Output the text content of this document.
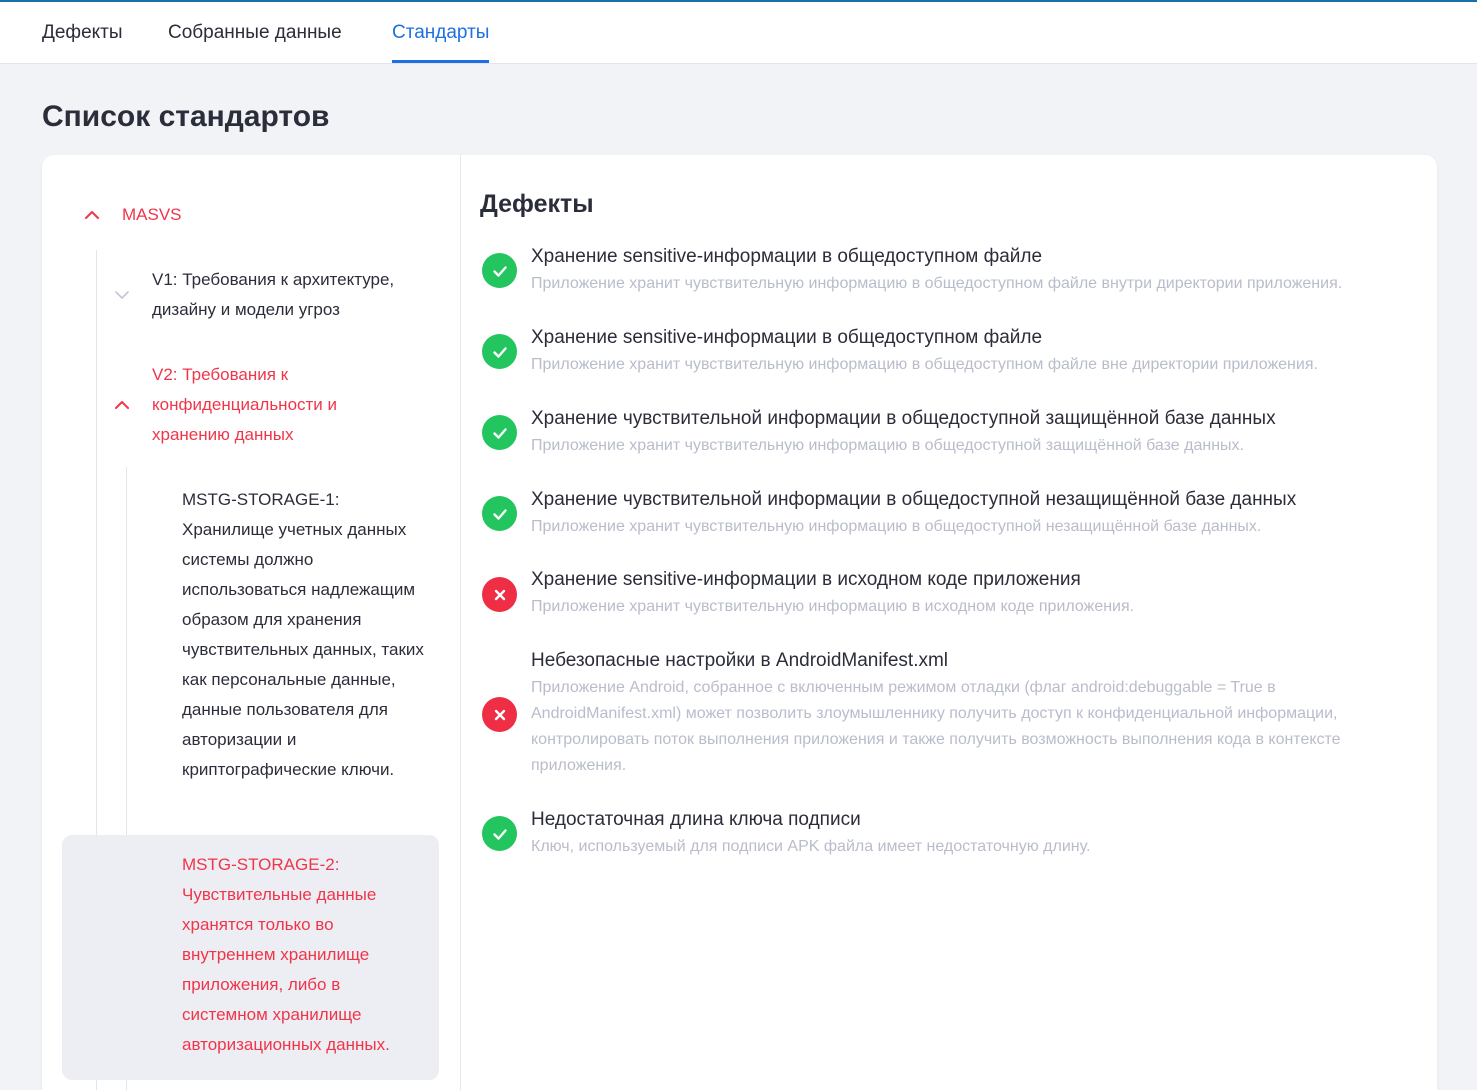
Дефекты Собранные данные	Стандарты
Список стандартов
MASVS
V1: Требования к архитектуре, дизайну и модели угроз
V2: Требования к конфиденциальности и хранению данных
MSTG-STORAGE-1: Хранилище учетных данных системы должно использоваться надлежащим образом для хранения чувствительных данных, таких как персональные данные, данные пользователя для авторизации и криптографические ключи.
MSTG-STORAGE-2: Чувствительные данные хранятся только во внутреннем хранилище приложения, либо в системном хранилище авторизационных данных.
Дефекты
Хранение sensitive-информации в общедоступном файле
Приложение хранит чувствительную информацию в общедоступном файле внутри директории приложения.
Хранение sensitive-информации в общедоступном файле
Приложение хранит чувствительную информацию в общедоступном файле вне директории приложения.
Хранение чувствительной информации в общедоступной защищённой базе данных
Приложение хранит чувствительную информацию в общедоступной защищённой базе данных.
Хранение чувствительной информации в общедоступной незащищённой базе данных
Приложение хранит чувствительную информацию в общедоступной незащищённой базе данных.
Хранение sensitive-информации в исходном коде приложения
Приложение хранит чувствительную информацию в исходном коде приложения.
Небезопасные настройки в AndroidManifest.xml
Приложение Android, собранное с включенным режимом отладки (флаг android:debuggable = True в AndroidManifest.xml) может позволить злоумышленнику получить доступ к конфиденциальной информации, контролировать поток выполнения приложения и также получить возможность выполнения кода в контексте приложения.
Недостаточная длина ключа подписи
Ключ, используемый для подписи APK файла имеет недостаточную длину.
